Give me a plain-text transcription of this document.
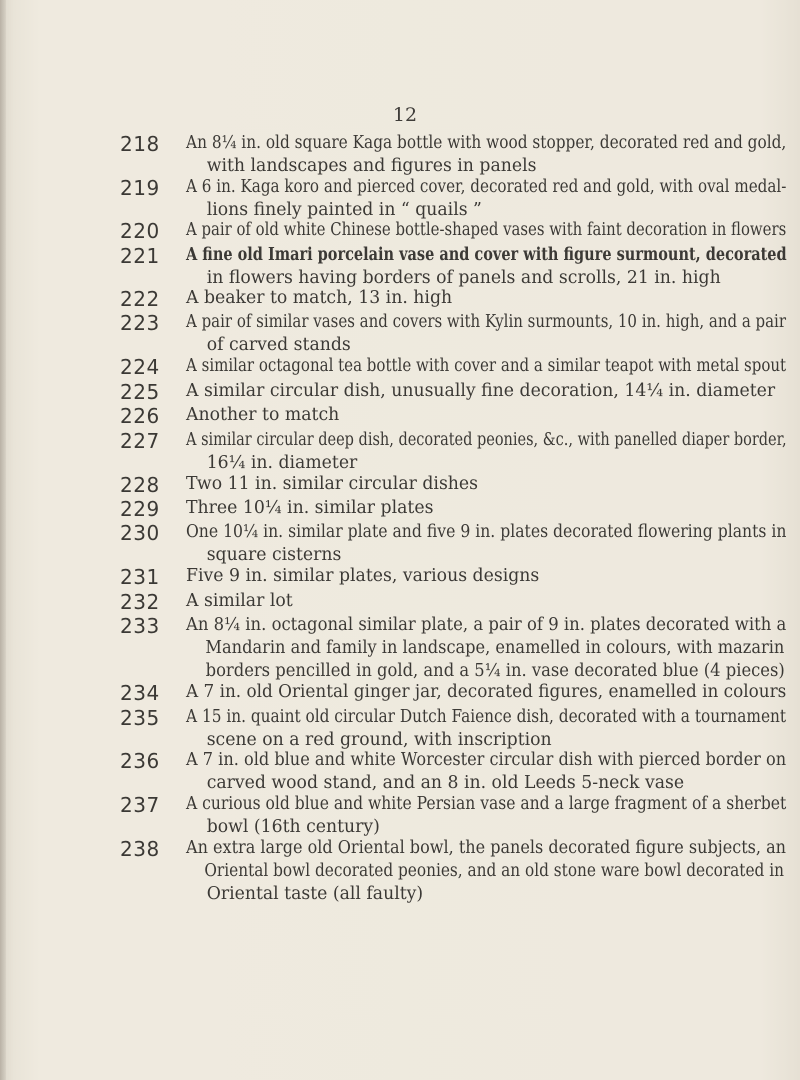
12
218 An 8¼ in. old square Kaga bottle with wood stopper, decorated red and gold,
with landscapes and figures in panels
219 A 6 in. Kaga koro and pierced cover, decorated red and gold, with oval medal-
lions finely painted in “ quails ”
220 A pair of old white Chinese bottle-shaped vases with faint decoration in flowers
221 A fine old Imari porcelain vase and cover with figure surmount, decorated
in flowers having borders of panels and scrolls, 21 in. high
222 A beaker to match, 13 in. high
223 A pair of similar vases and covers with Kylin surmounts, 10 in. high, and a pair
of carved stands
224 A similar octagonal tea bottle with cover and a similar teapot with metal spout
225 A similar circular dish, unusually fine decoration, 14¼ in. diameter
226 Another to match
227 A similar circular deep dish, decorated peonies, &c., with panelled diaper border,
16¼ in. diameter
228 Two 11 in. similar circular dishes
229 Three 10¼ in. similar plates
230 One 10¼ in. similar plate and five 9 in. plates decorated flowering plants in
square cisterns
231 Five 9 in. similar plates, various designs
232 A similar lot
233 An 8¼ in. octagonal similar plate, a pair of 9 in. plates decorated with a
Mandarin and family in landscape, enamelled in colours, with mazarin
borders pencilled in gold, and a 5¼ in. vase decorated blue (4 pieces)
234 A 7 in. old Oriental ginger jar, decorated figures, enamelled in colours
235 A 15 in. quaint old circular Dutch Faience dish, decorated with a tournament
scene on a red ground, with inscription
236 A 7 in. old blue and white Worcester circular dish with pierced border on
carved wood stand, and an 8 in. old Leeds 5-neck vase
237 A curious old blue and white Persian vase and a large fragment of a sherbet
bowl (16th century)
238 An extra large old Oriental bowl, the panels decorated figure subjects, an
Oriental bowl decorated peonies, and an old stone ware bowl decorated in
Oriental taste (all faulty)
